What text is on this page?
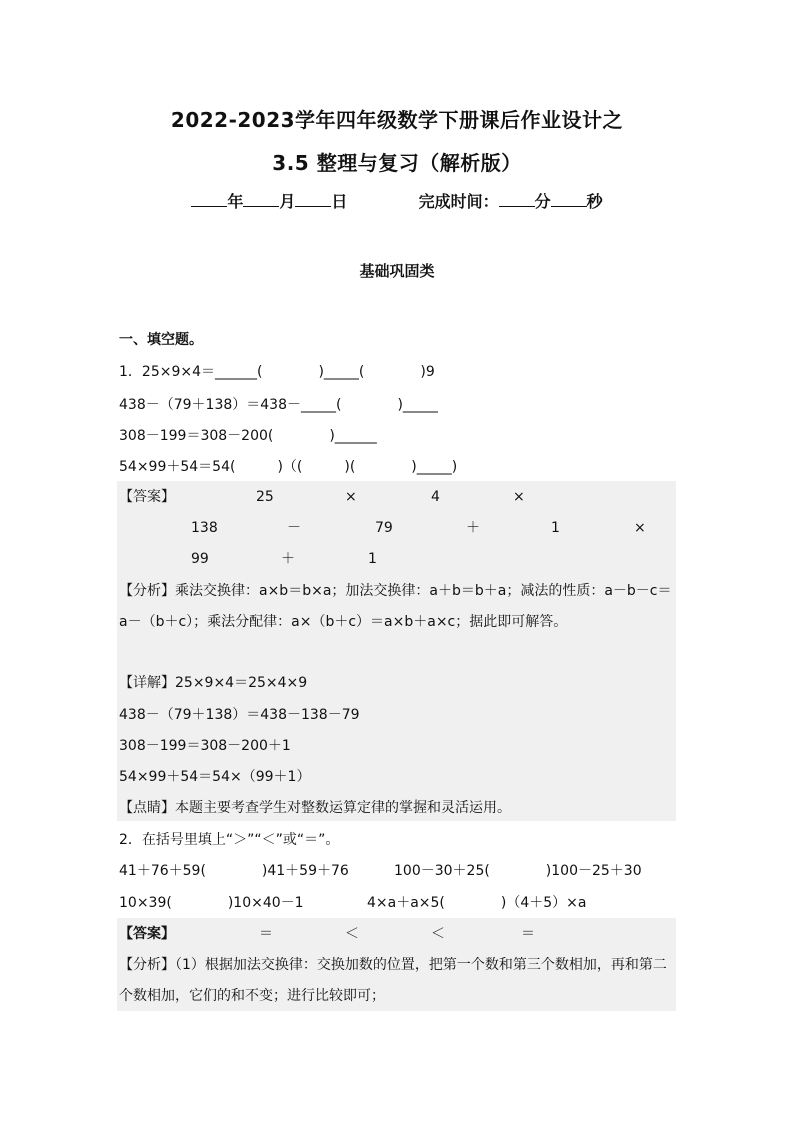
2022-2023学年四年级数学下册课后作业设计之
3.5 整理与复习（解析版）
年 月 日	完成时间： 分 秒
基础巩固类
一、填空题。
1．25×9×4＝______(　　　　)_____(　　　　)9
438－（79＋138）＝438－_____(　　　　)_____
308－199＝308－200(　　　　)______
54×99＋54＝54(　　　)（(　　　)(　　　　)_____)
【答案】	25	×	4	×
138	－	79	＋	1	×
99	＋	1
【分析】乘法交换律：a×b＝b×a；加法交换律：a＋b＝b＋a；减法的性质：a－b－c＝a－（b＋c）；乘法分配律：a×（b＋c）＝a×b＋a×c；据此即可解答。
【详解】25×9×4＝25×4×9
438－（79＋138）＝438－138－79
308－199＝308－200＋1
54×99＋54＝54×（99＋1）
【点睛】本题主要考查学生对整数运算定律的掌握和灵活运用。
2．在括号里填上“＞”“＜”或“＝”。
41＋76＋59(　　　　)41＋59＋76	100－30＋25(　　　　)100－25＋30
10×39(　　　　)10×40－1	4×a＋a×5(　　　　)（4＋5）×a
【答案】	＝	＜	＜	＝
【分析】（1）根据加法交换律：交换加数的位置，把第一个数和第三个数相加，再和第二个数相加，它们的和不变；进行比较即可；
